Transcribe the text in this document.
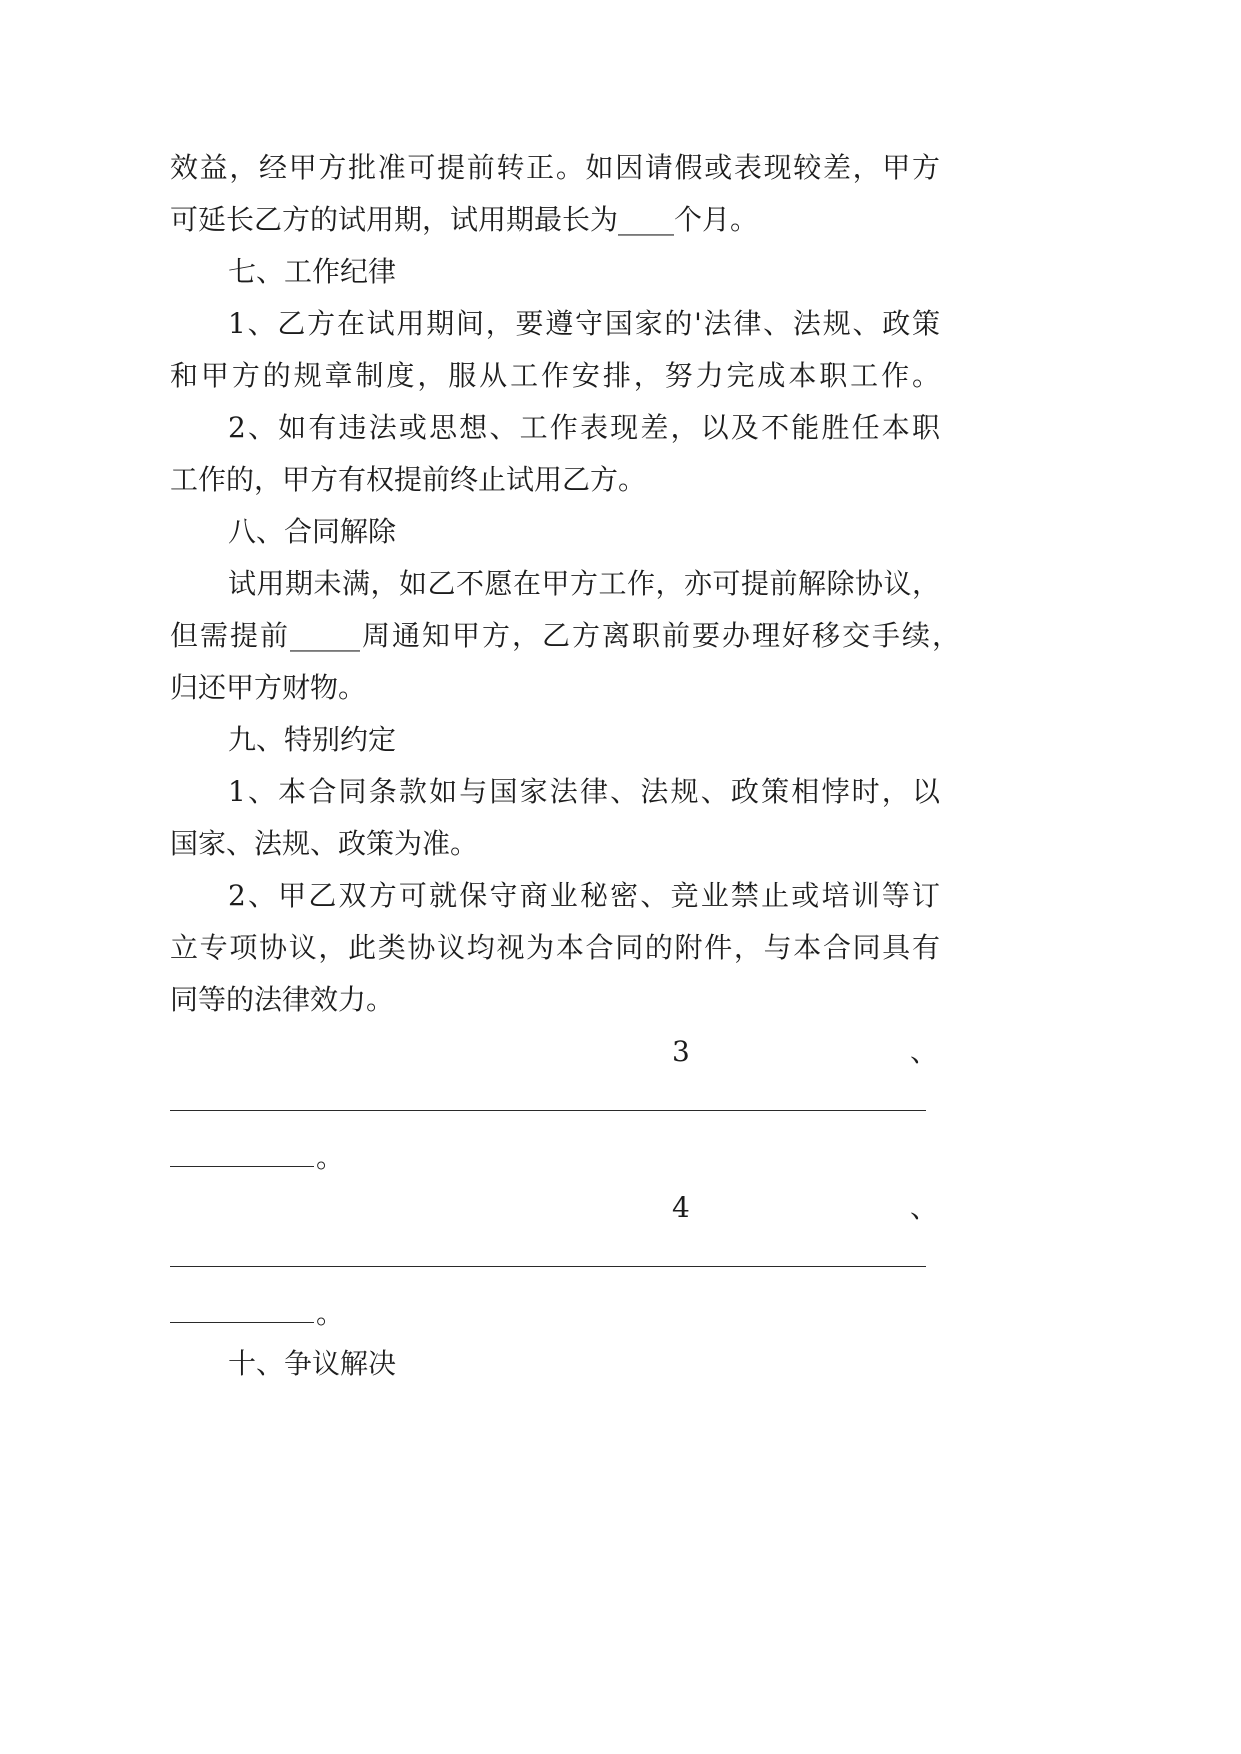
效益，经甲方批准可提前转正。如因请假或表现较差，甲方
可延长乙方的试用期，试用期最长为____个月。
七、工作纪律
1、乙方在试用期间，要遵守国家的'法律、法规、政策
和甲方的规章制度，服从工作安排，努力完成本职工作。
2、如有违法或思想、工作表现差，以及不能胜任本职
工作的，甲方有权提前终止试用乙方。
八、合同解除
试用期未满，如乙不愿在甲方工作，亦可提前解除协议，
但需提前_____周通知甲方，乙方离职前要办理好移交手续，
归还甲方财物。
九、特别约定
1、本合同条款如与国家法律、法规、政策相悖时，以
国家、法规、政策为准。
2、甲乙双方可就保守商业秘密、竞业禁止或培训等订
立专项协议，此类协议均视为本合同的附件，与本合同具有
同等的法律效力。
3	、
。
4	、
。
十、争议解决
